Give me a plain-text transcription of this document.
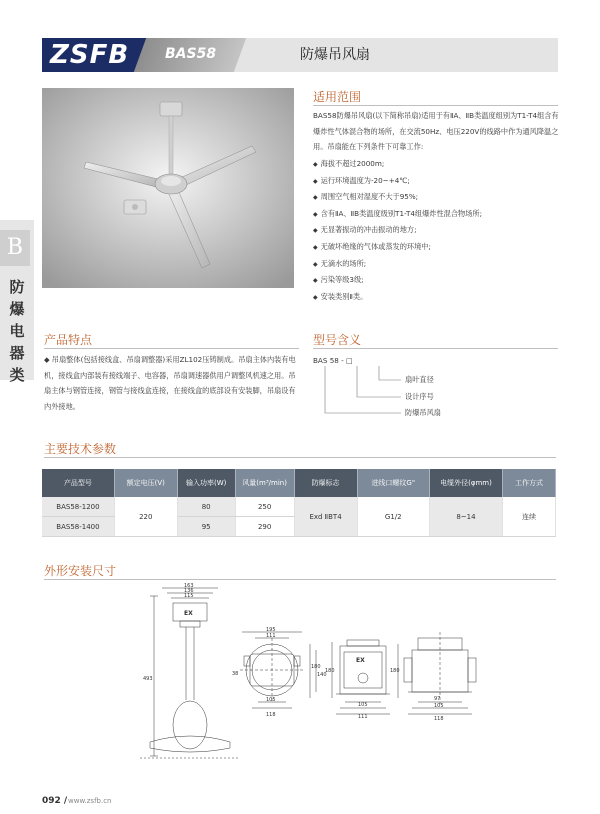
ZSFB	BAS58	防爆吊风扇
B
防爆电器类
适用范围
BAS58防爆吊风扇(以下简称吊扇)适用于有ⅡA、ⅡB类温度组别为T1-T4组含有爆炸性气体混合物的场所，在交流50Hz、电压220V的线路中作为通风降温之用。吊扇能在下列条件下可靠工作:
◆ 海拔不超过2000m;
◆ 运行环境温度为-20~+4℃;
◆ 周围空气相对湿度不大于95%;
◆ 含有ⅡA、ⅡB类温度级别T1-T4组爆炸性混合物场所;
◆ 无显著振动的冲击振动的地方;
◆ 无破坏绝缘的气体或蒸发的环境中;
◆ 无滴水的场所;
◆ 污染等级3级;
◆ 安装类别Ⅱ类。
产品特点
◆ 吊扇整体(包括接线盒、吊扇调整器)采用ZL102压铸制成。吊扇主体内装有电机，接线盒内部装有接线端子、电容器，吊扇调速器供用户调整风机速之用。吊扇主体与钢管连接，钢管与接线盒连接，在接线盒的底部设有安装脚，吊扇设有内外接地。
型号含义
BAS 58 - □
扇叶直径
设计序号
防爆吊风扇
主要技术参数
产品型号	额定电压(V)	输入功率(W)	风量(m³/min)	防爆标志	进线口螺纹G"	电缆外径(φmm)	工作方式
BAS58-1200	220	80	250	Exd ⅡBT4	G1/2	8~14	连续
BAS58-1400		95	290				
外形安装尺寸
163
136
115
EX
493
195
111
38
180
140
105
118
EX
180
105
111
180
97
105
118
092 / www.zsfb.cn
